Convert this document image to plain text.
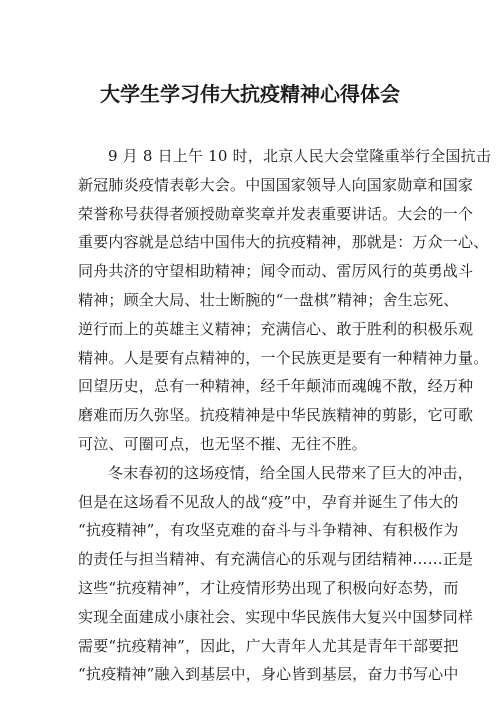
大学生学习伟大抗疫精神心得体会
9 月 8 日上午 10 时，北京人民大会堂隆重举行全国抗击
新冠肺炎疫情表彰大会。中国国家领导人向国家勋章和国家
荣誉称号获得者颁授勋章奖章并发表重要讲话。大会的一个
重要内容就是总结中国伟大的抗疫精神，那就是：万众一心、
同舟共济的守望相助精神；闻令而动、雷厉风行的英勇战斗
精神；顾全大局、壮士断腕的“一盘棋”精神；舍生忘死、
逆行而上的英雄主义精神；充满信心、敢于胜利的积极乐观
精神。人是要有点精神的，一个民族更是要有一种精神力量。
回望历史，总有一种精神，经千年颠沛而魂魄不散，经万种
磨难而历久弥坚。抗疫精神是中华民族精神的剪影，它可歌
可泣、可圈可点，也无坚不摧、无往不胜。
冬末春初的这场疫情，给全国人民带来了巨大的冲击，
但是在这场看不见敌人的战“疫”中，孕育并诞生了伟大的
“抗疫精神”，有攻坚克难的奋斗与斗争精神、有积极作为
的责任与担当精神、有充满信心的乐观与团结精神……正是
这些“抗疫精神”，才让疫情形势出现了积极向好态势，而
实现全面建成小康社会、实现中华民族伟大复兴中国梦同样
需要“抗疫精神”，因此，广大青年人尤其是青年干部要把
“抗疫精神”融入到基层中，身心皆到基层，奋力书写心中
